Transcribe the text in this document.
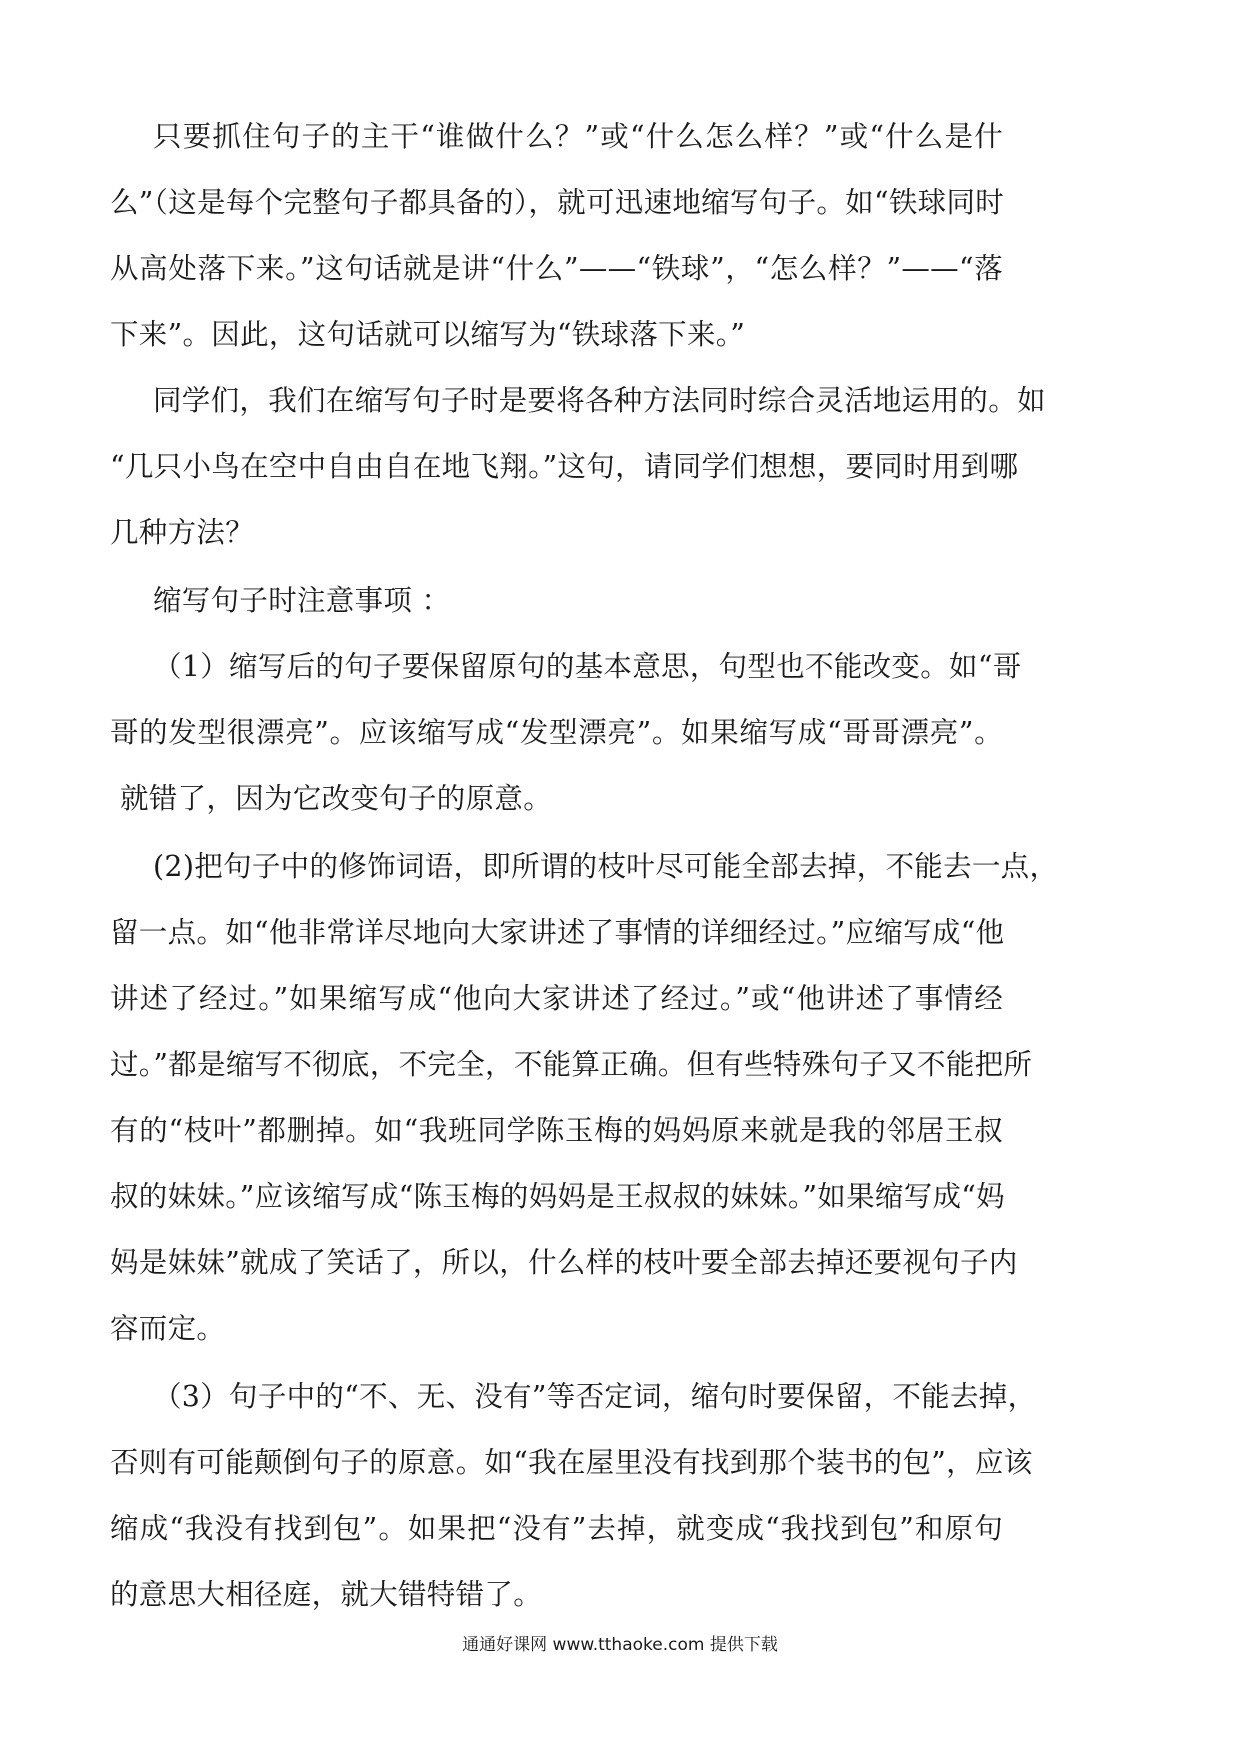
只要抓住句子的主干“谁做什么？”或“什么怎么样？”或“什么是什
么”（这是每个完整句子都具备的），就可迅速地缩写句子。如“铁球同时
从高处落下来。”这句话就是讲“什么”——“铁球”，“怎么样？”——“落
下来”。因此，这句话就可以缩写为“铁球落下来。”
同学们，我们在缩写句子时是要将各种方法同时综合灵活地运用的。如
“几只小鸟在空中自由自在地飞翔。”这句，请同学们想想，要同时用到哪
几种方法？
缩写句子时注意事项 ：
（1）缩写后的句子要保留原句的基本意思，句型也不能改变。如“哥
哥的发型很漂亮”。应该缩写成“发型漂亮”。如果缩写成“哥哥漂亮”。
就错了，因为它改变句子的原意。
(2)把句子中的修饰词语，即所谓的枝叶尽可能全部去掉，不能去一点，
留一点。如“他非常详尽地向大家讲述了事情的详细经过。”应缩写成“他
讲述了经过。”如果缩写成“他向大家讲述了经过。”或“他讲述了事情经
过。”都是缩写不彻底，不完全，不能算正确。但有些特殊句子又不能把所
有的“枝叶”都删掉。如“我班同学陈玉梅的妈妈原来就是我的邻居王叔
叔的妹妹。”应该缩写成“陈玉梅的妈妈是王叔叔的妹妹。”如果缩写成“妈
妈是妹妹”就成了笑话了，所以，什么样的枝叶要全部去掉还要视句子内
容而定。
（3）句子中的“不、无、没有”等否定词，缩句时要保留，不能去掉，
否则有可能颠倒句子的原意。如“我在屋里没有找到那个装书的包”，应该
缩成“我没有找到包”。如果把“没有”去掉，就变成“我找到包”和原句
的意思大相径庭，就大错特错了。
通通好课网 www.tthaoke.com 提供下载
